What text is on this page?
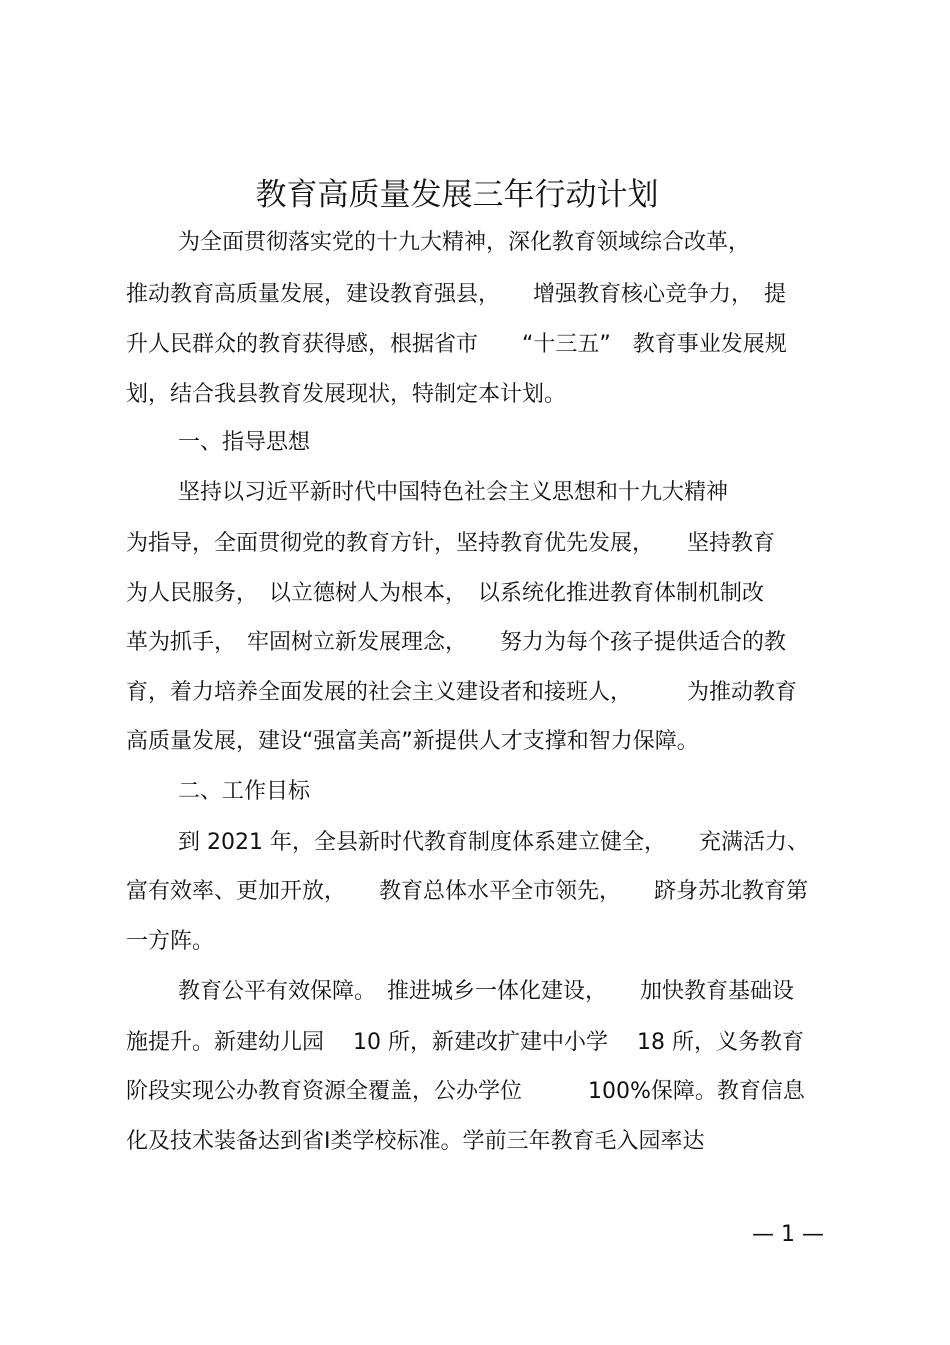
教育高质量发展三年行动计划
为全面贯彻落实党的十九大精神，深化教育领域综合改革，
推动教育高质量发展，建设教育强县，　　增强教育核心竞争力，　提
升人民群众的教育获得感，根据省市　　“十三五”　教育事业发展规
划，结合我县教育发展现状，特制定本计划。
一、指导思想
坚持以习近平新时代中国特色社会主义思想和十九大精神
为指导，全面贯彻党的教育方针，坚持教育优先发展，　　坚持教育
为人民服务，　以立德树人为根本，　以系统化推进教育体制机制改
革为抓手，　牢固树立新发展理念，　　努力为每个孩子提供适合的教
育，着力培养全面发展的社会主义建设者和接班人，　　　为推动教育
高质量发展，建设“强富美高”新提供人才支撑和智力保障。
二、工作目标
到 2021 年，全县新时代教育制度体系建立健全，　　充满活力、
富有效率、更加开放，　　教育总体水平全市领先，　　跻身苏北教育第
一方阵。
教育公平有效保障。　推进城乡一体化建设，　　加快教育基础设
施提升。新建幼儿园　 10 所，新建改扩建中小学　 18 所，义务教育
阶段实现公办教育资源全覆盖，公办学位　　　100%保障。教育信息
化及技术装备达到省Ⅰ类学校标准。学前三年教育毛入园率达
— 1 —
